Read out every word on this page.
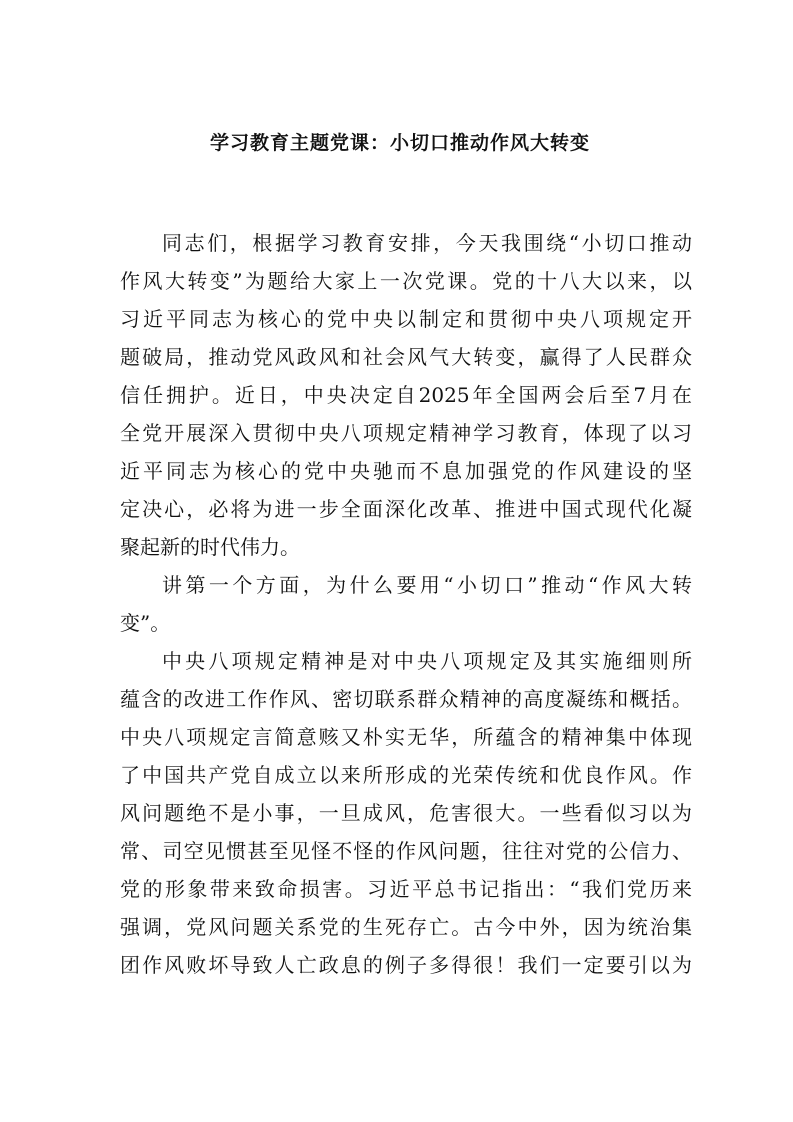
学习教育主题党课：小切口推动作风大转变
同志们，根据学习教育安排，今天我围绕“小切口推动
作风大转变”为题给大家上一次党课。党的十八大以来，以
习近平同志为核心的党中央以制定和贯彻中央八项规定开
题破局，推动党风政风和社会风气大转变，赢得了人民群众
信任拥护。近日，中央决定自2025年全国两会后至7月在
全党开展深入贯彻中央八项规定精神学习教育，体现了以习
近平同志为核心的党中央驰而不息加强党的作风建设的坚
定决心，必将为进一步全面深化改革、推进中国式现代化凝
聚起新的时代伟力。
讲第一个方面，为什么要用“小切口”推动“作风大转
变”。
中央八项规定精神是对中央八项规定及其实施细则所
蕴含的改进工作作风、密切联系群众精神的高度凝练和概括。
中央八项规定言简意赅又朴实无华，所蕴含的精神集中体现
了中国共产党自成立以来所形成的光荣传统和优良作风。作
风问题绝不是小事，一旦成风，危害很大。一些看似习以为
常、司空见惯甚至见怪不怪的作风问题，往往对党的公信力、
党的形象带来致命损害。习近平总书记指出：“我们党历来
强调，党风问题关系党的生死存亡。古今中外，因为统治集
团作风败坏导致人亡政息的例子多得很！我们一定要引以为
